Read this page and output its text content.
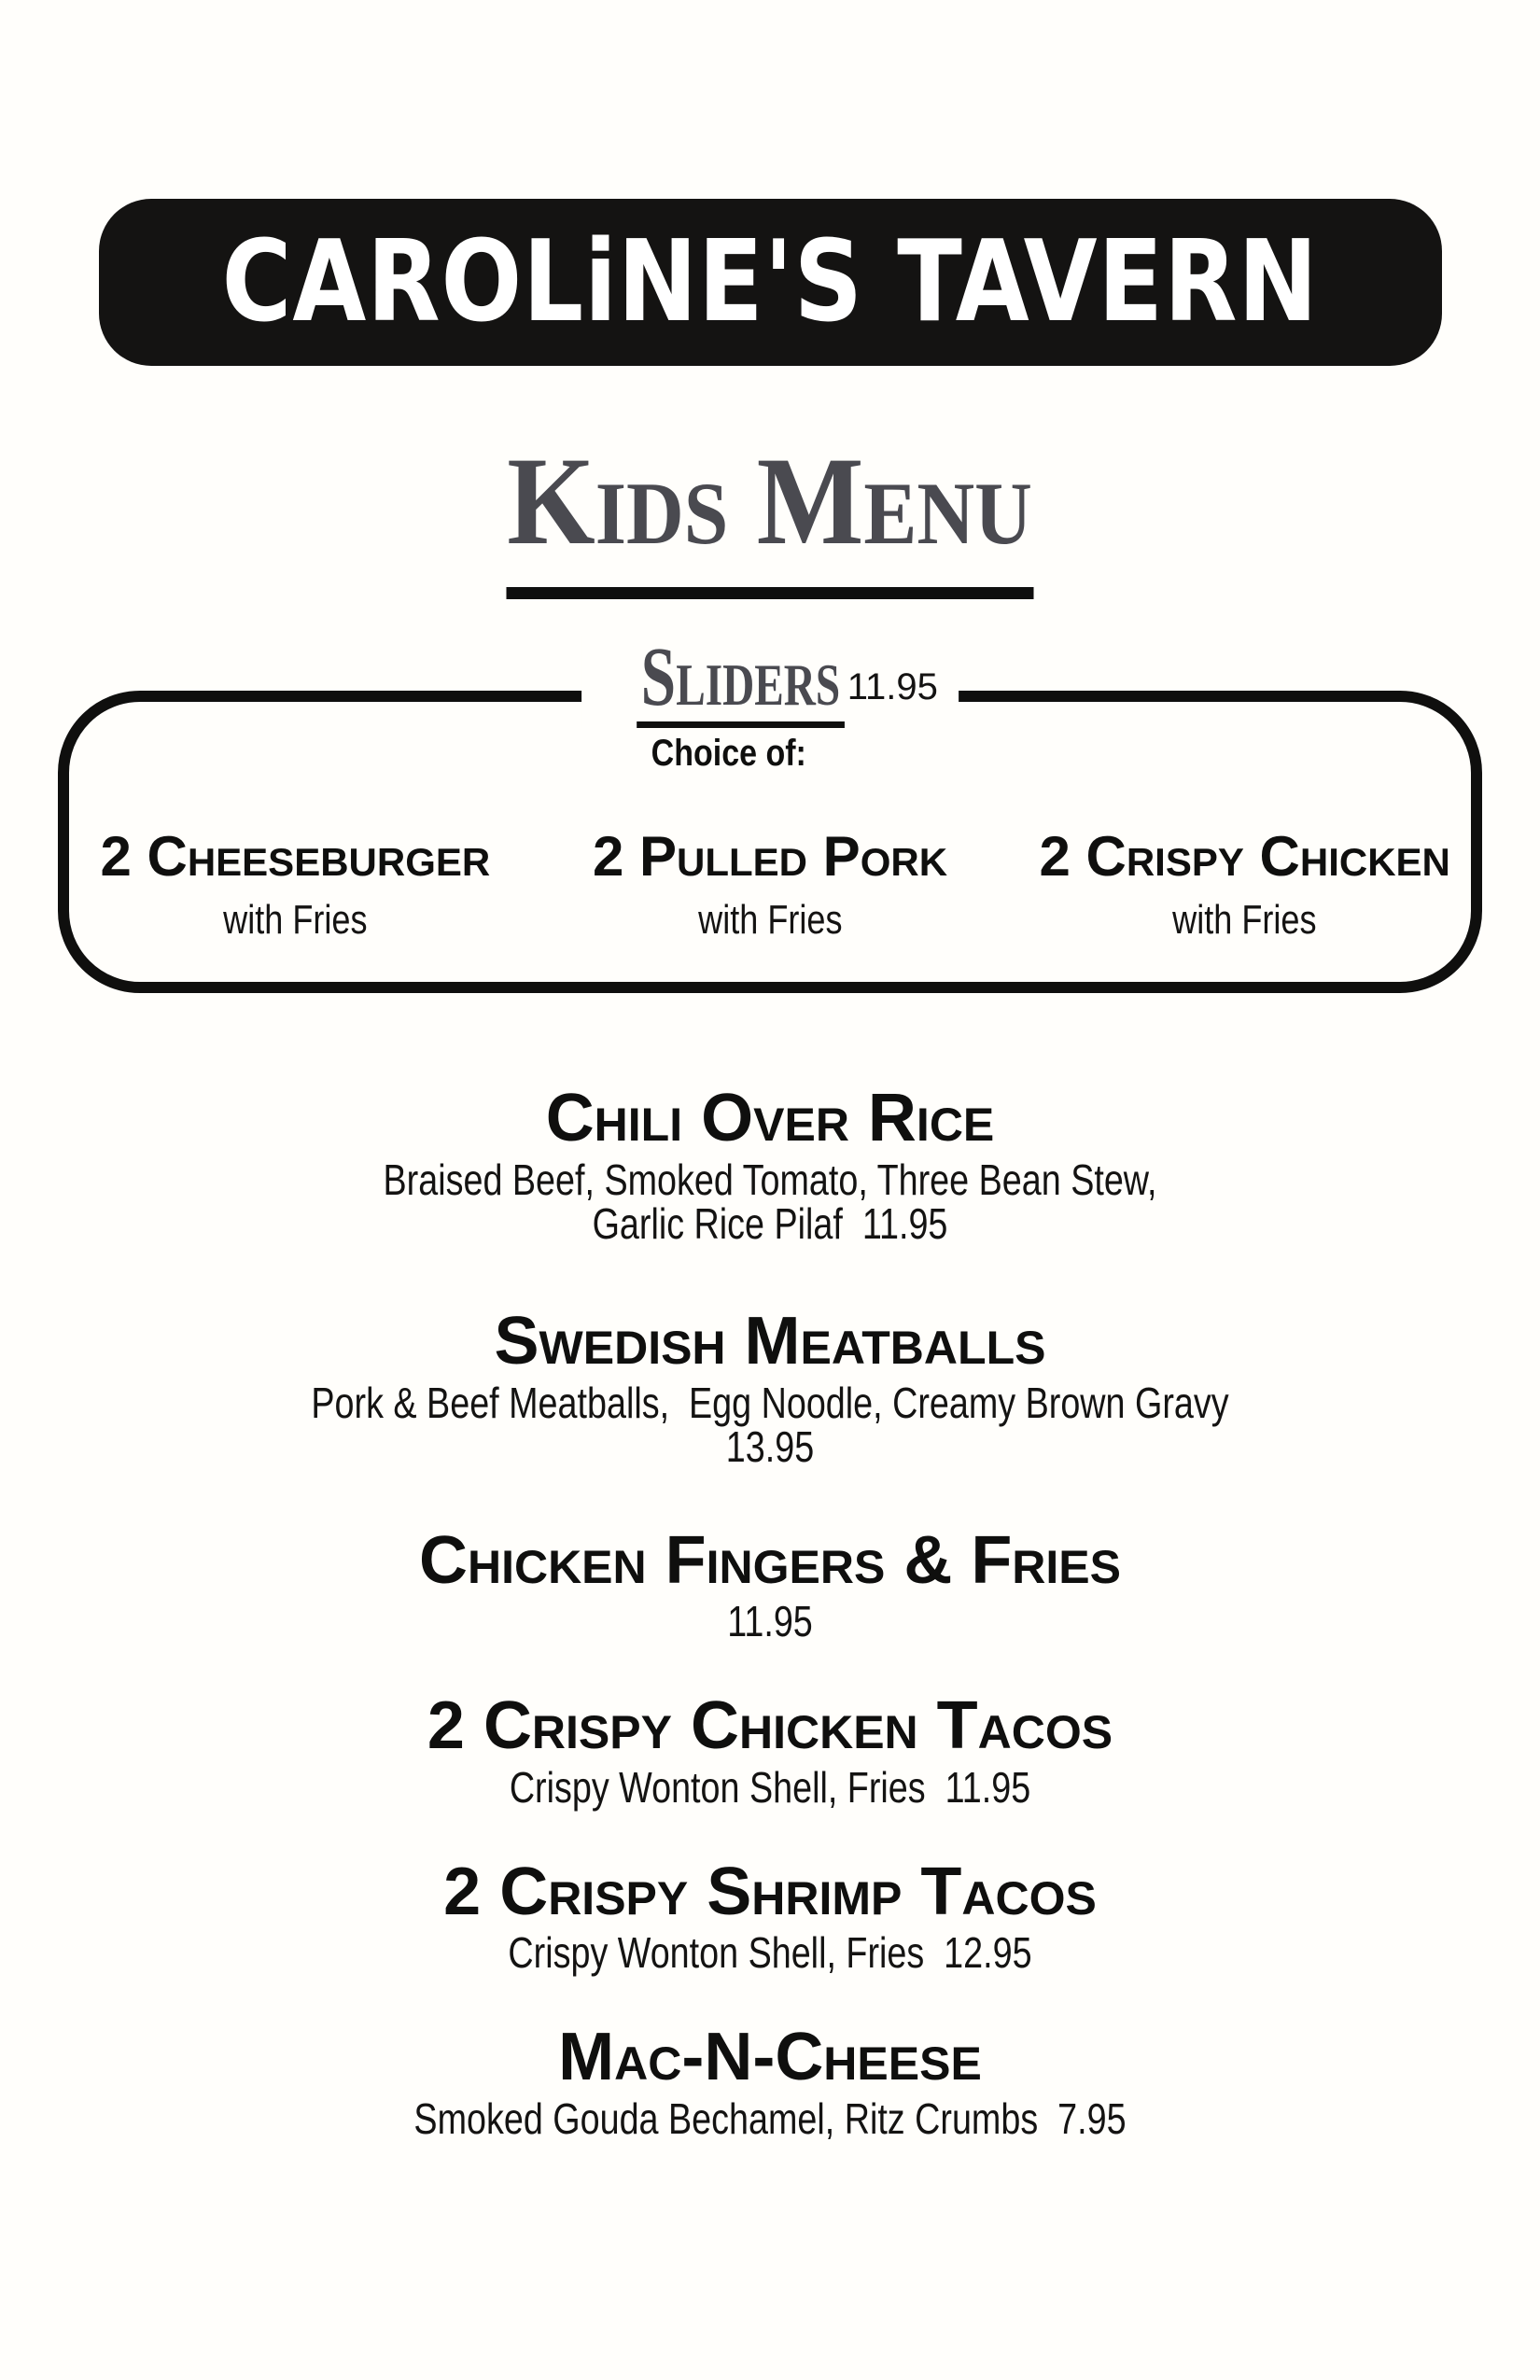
CAROLiNE'S TAVERN
Kids Menu
Sliders 11.95
Choice of:
2 Cheeseburger
with Fries
2 Pulled Pork
with Fries
2 Crispy Chicken
with Fries
Chili Over Rice
Braised Beef, Smoked Tomato, Three Bean Stew,
Garlic Rice Pilaf  11.95
Swedish Meatballs
Pork & Beef Meatballs,  Egg Noodle, Creamy Brown Gravy
13.95
Chicken Fingers & Fries
11.95
2 Crispy Chicken Tacos
Crispy Wonton Shell, Fries  11.95
2 Crispy Shrimp Tacos
Crispy Wonton Shell, Fries  12.95
Mac-N-Cheese
Smoked Gouda Bechamel, Ritz Crumbs  7.95
